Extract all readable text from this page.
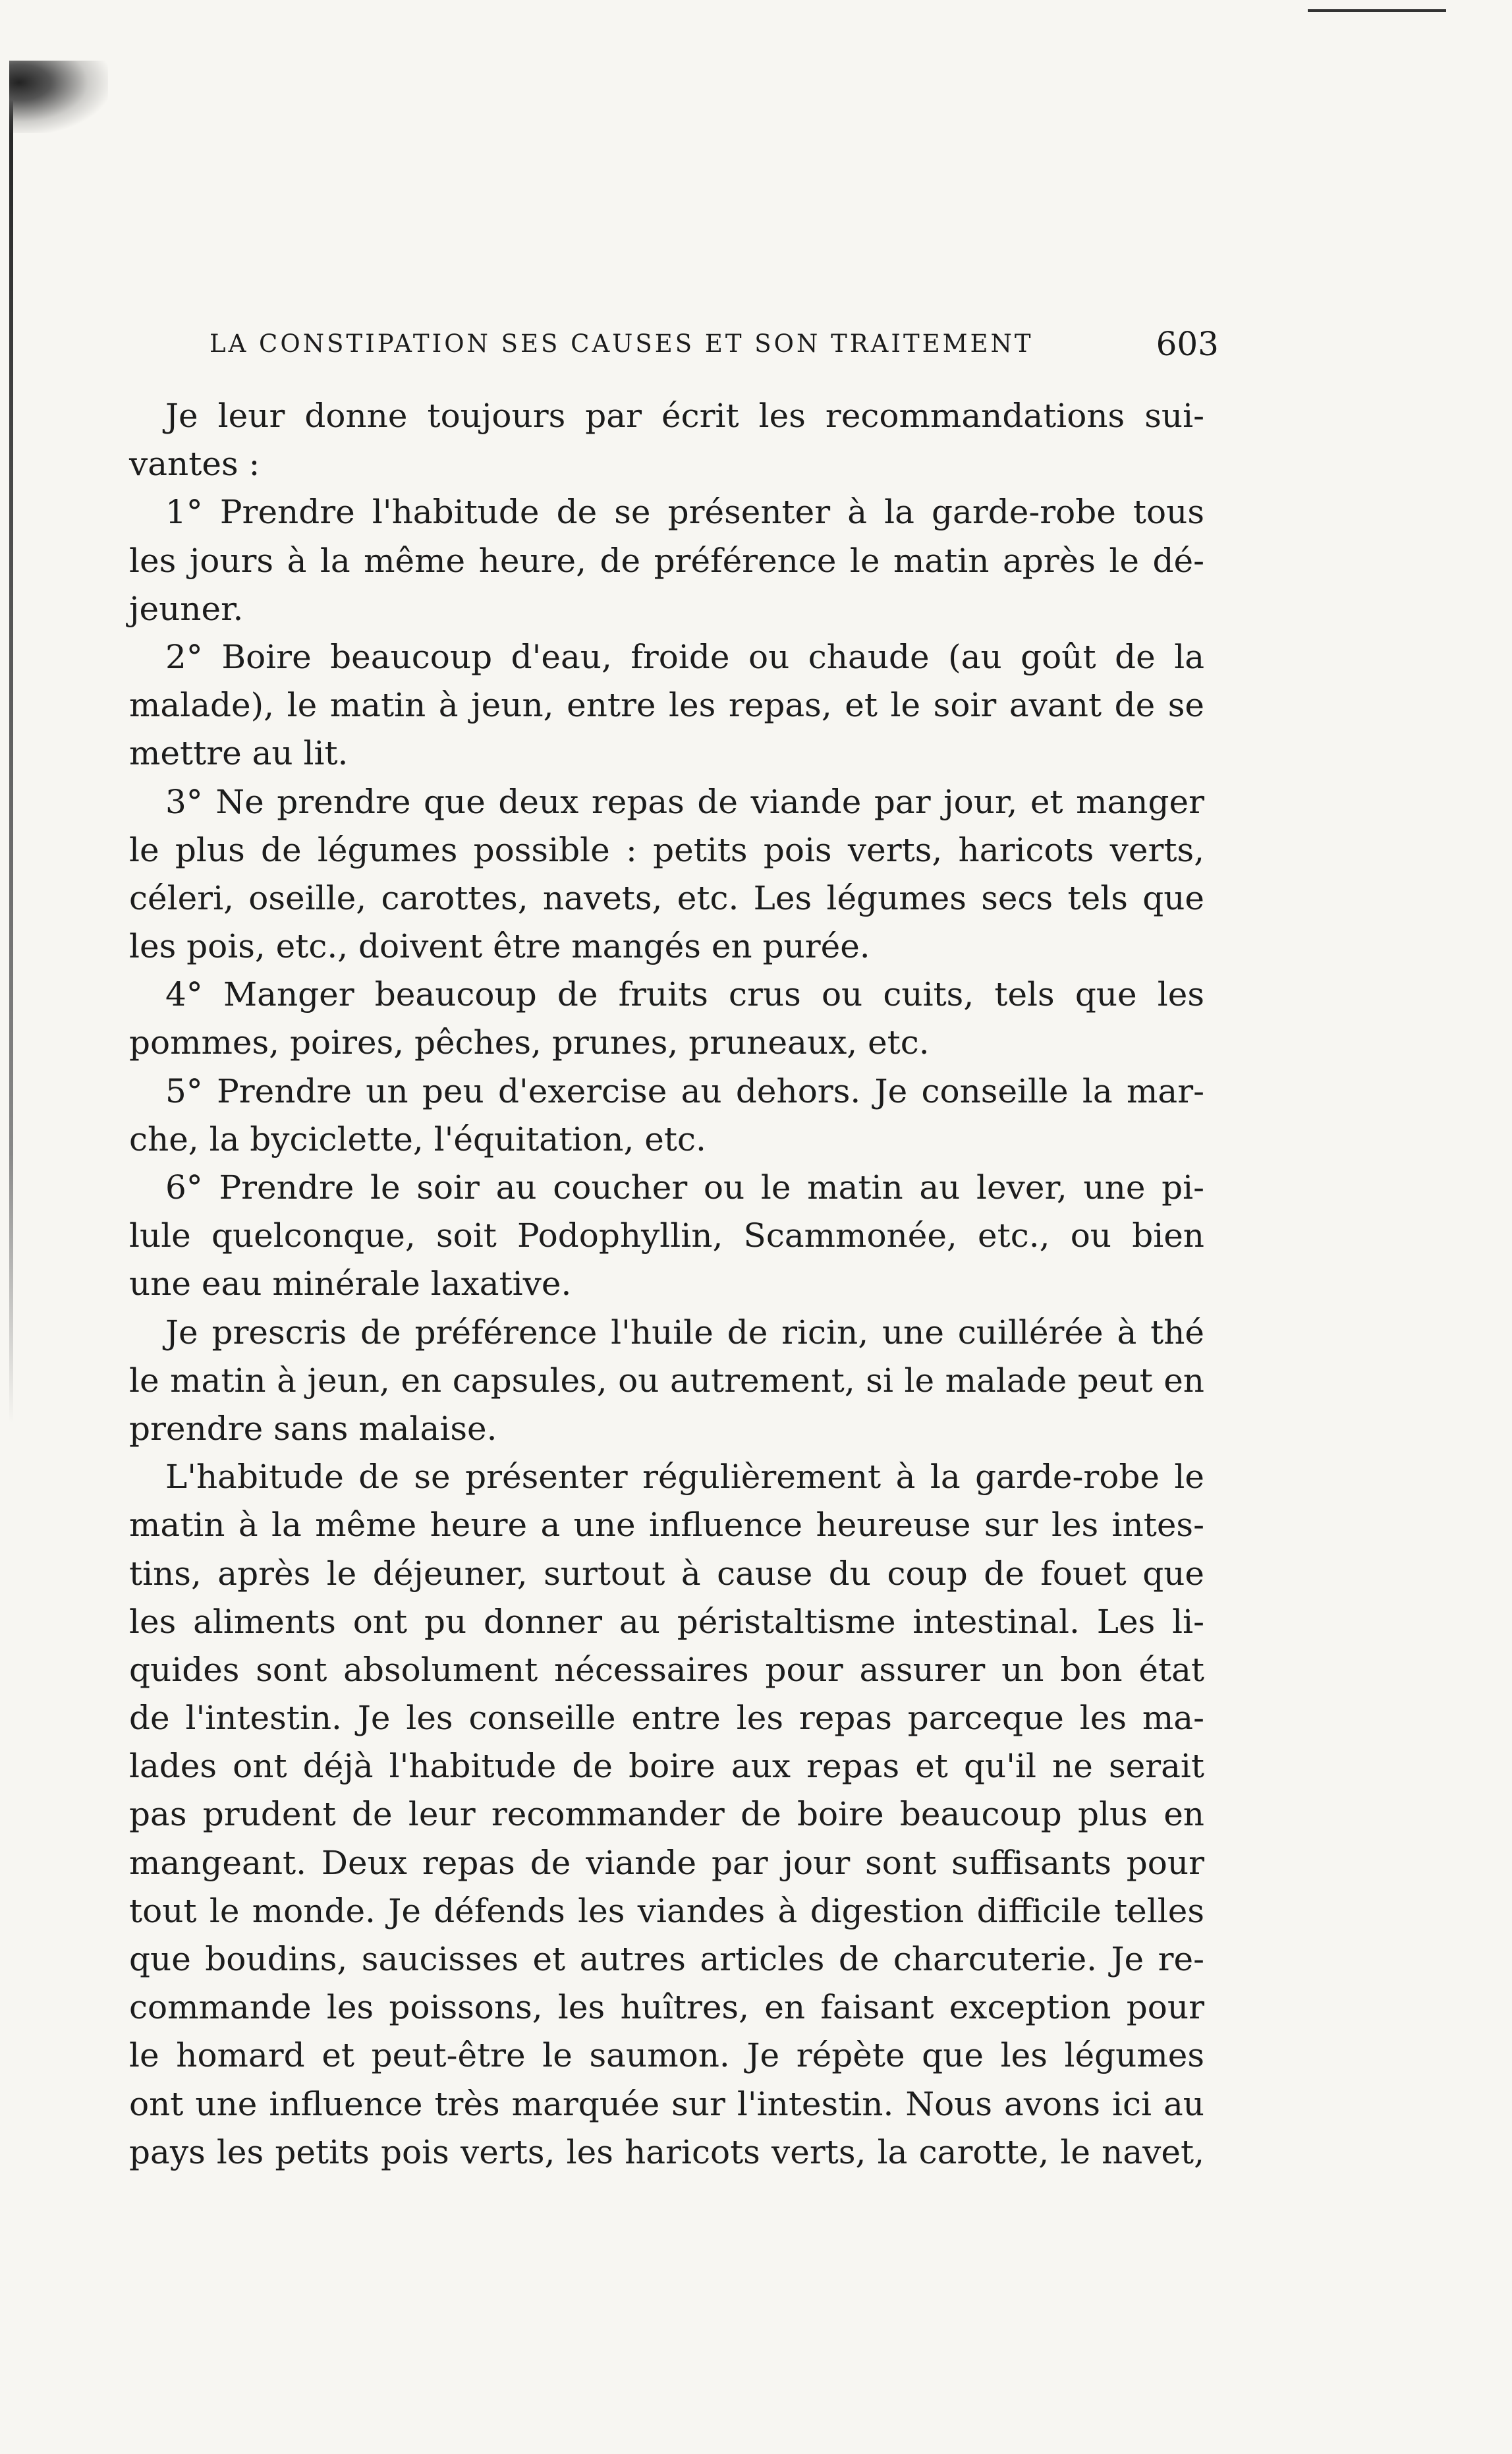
LA CONSTIPATION SES CAUSES ET SON TRAITEMENT	603
Je leur donne toujours par écrit les recommandations sui-
vantes :
1° Prendre l'habitude de se présenter à la garde-robe tous
les jours à la même heure, de préférence le matin après le dé-
jeuner.
2° Boire beaucoup d'eau, froide ou chaude (au goût de la
malade), le matin à jeun, entre les repas, et le soir avant de se
mettre au lit.
3° Ne prendre que deux repas de viande par jour, et manger
le plus de légumes possible : petits pois verts, haricots verts,
céleri, oseille, carottes, navets, etc. Les légumes secs tels que
les pois, etc., doivent être mangés en purée.
4° Manger beaucoup de fruits crus ou cuits, tels que les
pommes, poires, pêches, prunes, pruneaux, etc.
5° Prendre un peu d'exercise au dehors. Je conseille la mar-
che, la byciclette, l'équitation, etc.
6° Prendre le soir au coucher ou le matin au lever, une pi-
lule quelconque, soit Podophyllin, Scammonée, etc., ou bien
une eau minérale laxative.
Je prescris de préférence l'huile de ricin, une cuillérée à thé
le matin à jeun, en capsules, ou autrement, si le malade peut en
prendre sans malaise.
L'habitude de se présenter régulièrement à la garde-robe le
matin à la même heure a une influence heureuse sur les intes-
tins, après le déjeuner, surtout à cause du coup de fouet que
les aliments ont pu donner au péristaltisme intestinal. Les li-
quides sont absolument nécessaires pour assurer un bon état
de l'intestin. Je les conseille entre les repas parceque les ma-
lades ont déjà l'habitude de boire aux repas et qu'il ne serait
pas prudent de leur recommander de boire beaucoup plus en
mangeant. Deux repas de viande par jour sont suffisants pour
tout le monde. Je défends les viandes à digestion difficile telles
que boudins, saucisses et autres articles de charcuterie. Je re-
commande les poissons, les huîtres, en faisant exception pour
le homard et peut-être le saumon. Je répète que les légumes
ont une influence très marquée sur l'intestin. Nous avons ici au
pays les petits pois verts, les haricots verts, la carotte, le navet,
